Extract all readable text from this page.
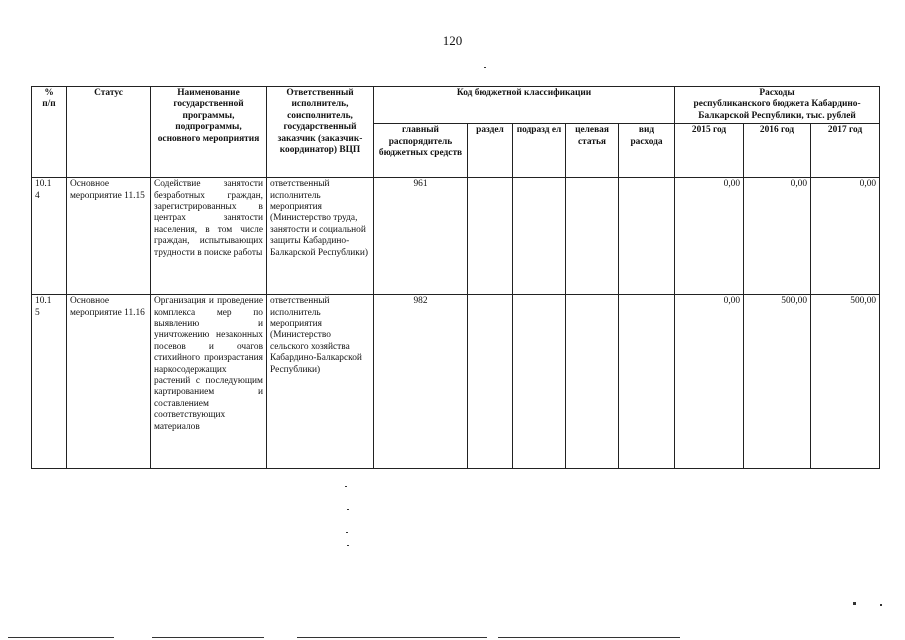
120
%
п/п	Статус	Наименование государственной программы, подпрограммы, основного мероприятия	Ответственный исполнитель, соисполнитель, государственный заказчик (заказчик-координатор) ВЦП	Код бюджетной классификации					Расходы
республиканского бюджета Кабардино-Балкарской Республики, тыс. рублей		
				главный распорядитель бюджетных средств	раздел	подразд ел	целевая статья	вид расхода	2015 год	2016 год	2017 год
10.1
4	Основное мероприятие 11.15	Содействие занятости безработных граждан, зарегистрированных в центрах занятости населения, в том числе граждан, испытывающих трудности в поиске работы	ответственный исполнитель мероприятия (Министерство труда, занятости и социальной защиты Кабардино-Балкарской Республики)	961					0,00	0,00	0,00
10.1
5	Основное мероприятие 11.16	Организация и проведение комплекса мер по выявлению и уничтожению незаконных посевов и очагов стихийного произрастания наркосодержащих растений с последующим картированием и составлением соответствующих материалов	ответственный исполнитель мероприятия (Министерство сельского хозяйства Кабардино-Балкарской Республики)	982					0,00	500,00	500,00
